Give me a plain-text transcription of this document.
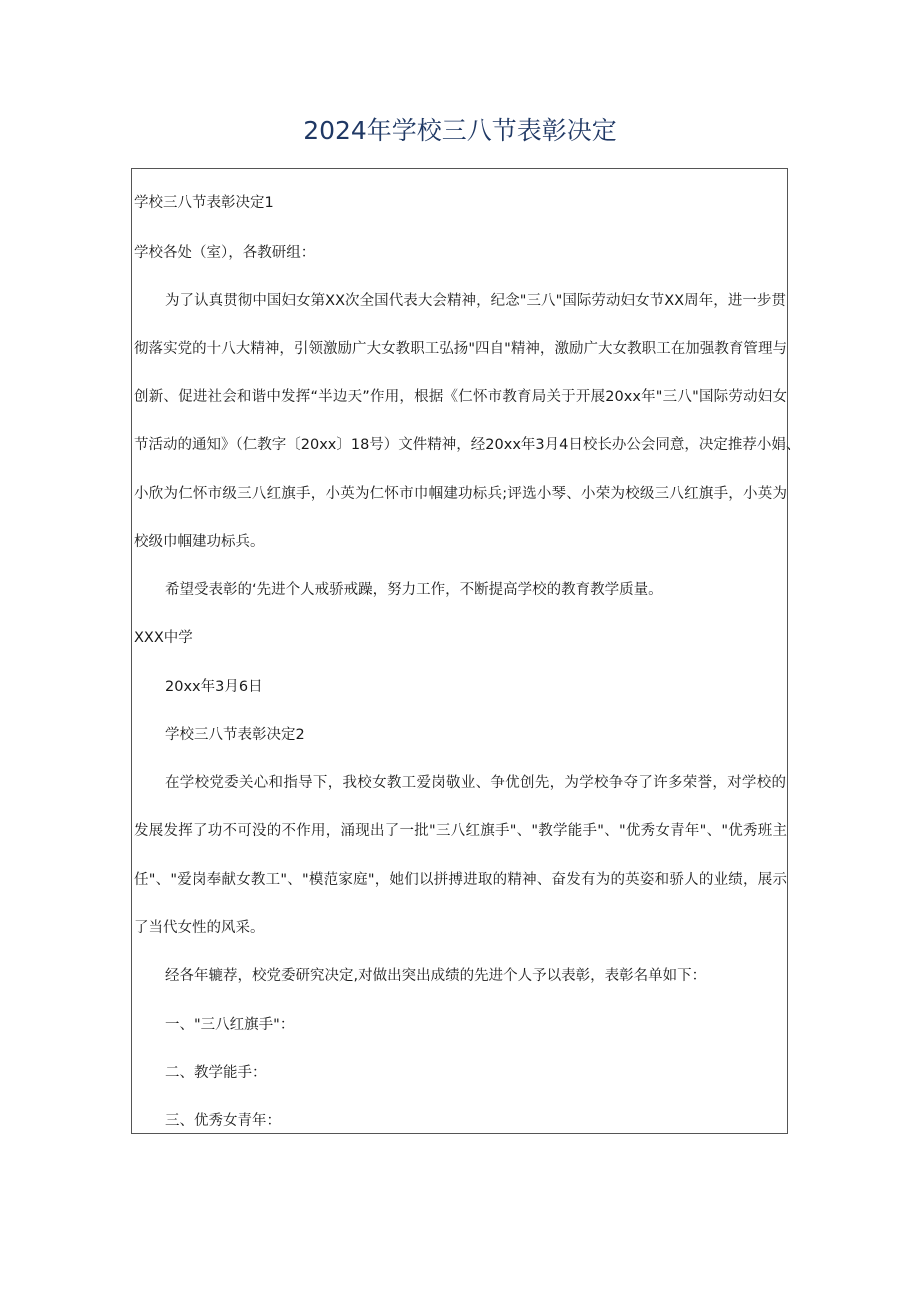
2024年学校三八节表彰决定

学校三八节表彰决定1

学校各处（室），各教研组：

为了认真贯彻中国妇女第XX次全国代表大会精神，纪念"三八"国际劳动妇女节XX周年，进一步贯

彻落实党的十八大精神，引领激励广大女教职工弘扬"四自"精神，激励广大女教职工在加强教育管理与

创新、促进社会和谐中发挥“半边天”作用，根据《仁怀市教育局关于开展20xx年"三八"国际劳动妇女

节活动的通知》（仁教字〔20xx〕18号）文件精神，经20xx年3月4日校长办公会同意，决定推荐小娟、

小欣为仁怀市级三八红旗手，小英为仁怀市巾帼建功标兵;评选小琴、小荣为校级三八红旗手，小英为

校级巾帼建功标兵。

希望受表彰的‘先进个人戒骄戒躁，努力工作，不断提高学校的教育教学质量。

XXX中学

20xx年3月6日

学校三八节表彰决定2

在学校党委关心和指导下，我校女教工爱岗敬业、争优创先，为学校争夺了许多荣誉，对学校的

发展发挥了功不可没的不作用，涌现出了一批"三八红旗手"、"教学能手"、"优秀女青年"、"优秀班主

任"、"爱岗奉献女教工"、"模范家庭"，她们以拼搏进取的精神、奋发有为的英姿和骄人的业绩，展示

了当代女性的风采。

经各年辘荐，校党委研究决定,对做出突出成绩的先进个人予以表彰，表彰名单如下：

一、"三八红旗手"：

二、教学能手：

三、优秀女青年：
